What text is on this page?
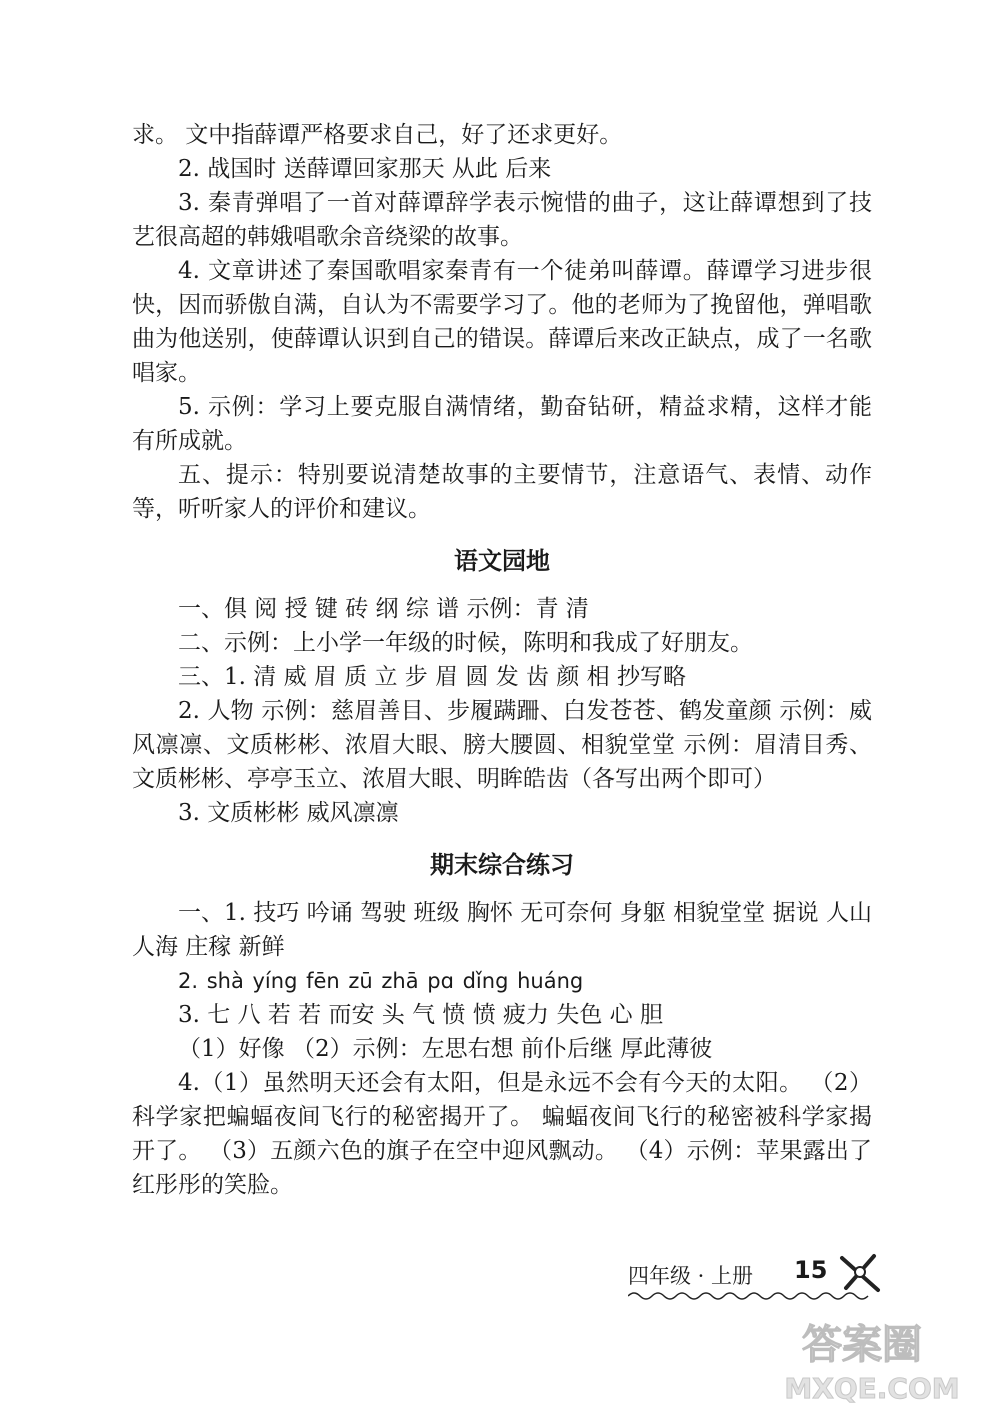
求。 文中指薛谭严格要求自己，好了还求更好。

2. 战国时 送薛谭回家那天 从此 后来

3. 秦青弹唱了一首对薛谭辞学表示惋惜的曲子，这让薛谭想到了技艺很高超的韩娥唱歌余音绕梁的故事。

4. 文章讲述了秦国歌唱家秦青有一个徒弟叫薛谭。薛谭学习进步很快，因而骄傲自满，自认为不需要学习了。他的老师为了挽留他，弹唱歌曲为他送别，使薛谭认识到自己的错误。薛谭后来改正缺点，成了一名歌唱家。

5. 示例：学习上要克服自满情绪，勤奋钻研，精益求精，这样才能有所成就。

五、提示：特别要说清楚故事的主要情节，注意语气、表情、动作等，听听家人的评价和建议。

语文园地

一、俱 阅 授 键 砖 纲 综 谱 示例：青 清

二、示例：上小学一年级的时候，陈明和我成了好朋友。

三、1. 清 威 眉 质 立 步 眉 圆 发 齿 颜 相 抄写略

2. 人物 示例：慈眉善目、步履蹒跚、白发苍苍、鹤发童颜 示例：威风凛凛、文质彬彬、浓眉大眼、膀大腰圆、相貌堂堂 示例：眉清目秀、文质彬彬、亭亭玉立、浓眉大眼、明眸皓齿（各写出两个即可）

3. 文质彬彬 威风凛凛

期末综合练习

一、1. 技巧 吟诵 驾驶 班级 胸怀 无可奈何 身躯 相貌堂堂 据说 人山人海 庄稼 新鲜

2. shà yíng fēn zū zhā pɑ dǐng huáng

3. 七 八 若 若 而安 头 气 愤 愤 疲力 失色 心 胆

（1）好像 （2）示例：左思右想 前仆后继 厚此薄彼

4.（1）虽然明天还会有太阳，但是永远不会有今天的太阳。 （2）科学家把蝙蝠夜间飞行的秘密揭开了。 蝙蝠夜间飞行的秘密被科学家揭开了。 （3）五颜六色的旗子在空中迎风飘动。 （4）示例：苹果露出了红彤彤的笑脸。

四年级 · 上册 15
答案圈
MXQE.COM
